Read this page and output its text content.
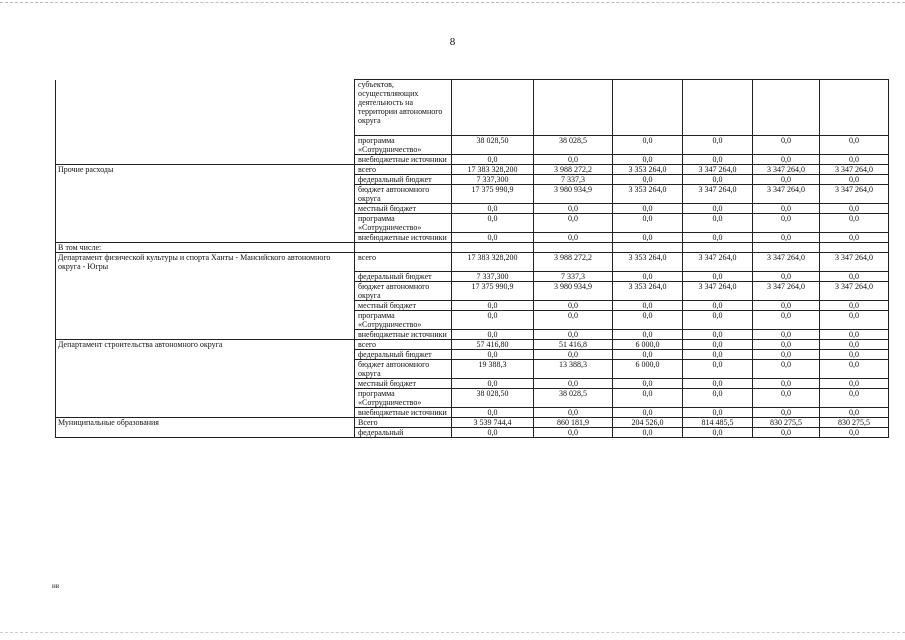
8
	субъектов, осуществляющих деятельность на территории автономного округа						
	программа «Сотрудничество»	38 028,50	38 028,5	0,0	0,0	0,0	0,0
	внебюджетные источники	0,0	0,0	0,0	0,0	0,0	0,0
Прочие расходы	всего	17 383 328,200	3 988 272,2	3 353 264,0	3 347 264,0	3 347 264,0	3 347 264,0
	федеральный бюджет	7 337,300	7 337,3	0,0	0,0	0,0	0,0
	бюджет автономного округа	17 375 990,9	3 980 934,9	3 353 264,0	3 347 264,0	3 347 264,0	3 347 264,0
	местный бюджет	0,0	0,0	0,0	0,0	0,0	0,0
	программа «Сотрудничество»	0,0	0,0	0,0	0,0	0,0	0,0
	внебюджетные источники	0,0	0,0	0,0	0,0	0,0	0,0
В том числе:							
Департамент физической культуры и спорта Ханты - Мансийского автономного округа - Югры	всего	17 383 328,200	3 988 272,2	3 353 264,0	3 347 264,0	3 347 264,0	3 347 264,0
	федеральный бюджет	7 337,300	7 337,3	0,0	0,0	0,0	0,0
	бюджет автономного округа	17 375 990,9	3 980 934,9	3 353 264,0	3 347 264,0	3 347 264,0	3 347 264,0
	местный бюджет	0,0	0,0	0,0	0,0	0,0	0,0
	программа «Сотрудничество»	0,0	0,0	0,0	0,0	0,0	0,0
	внебюджетные источники	0,0	0,0	0,0	0,0	0,0	0,0
Департамент строительства автономного округа	всего	57 416,80	51 416,8	6 000,0	0,0	0,0	0,0
	федеральный бюджет	0,0	0,0	0,0	0,0	0,0	0,0
	бюджет автономного округа	19 388,3	13 388,3	6 000,0	0,0	0,0	0,0
	местный бюджет	0,0	0,0	0,0	0,0	0,0	0,0
	программа «Сотрудничество»	38 028,50	38 028,5	0,0	0,0	0,0	0,0
	внебюджетные источники	0,0	0,0	0,0	0,0	0,0	0,0
Муниципальные образования	Всего	3 539 744,4	860 181,9	204 526,0	814 485,5	830 275,5	830 275,5
	федеральный	0,0	0,0	0,0	0,0	0,0	0,0
нв
